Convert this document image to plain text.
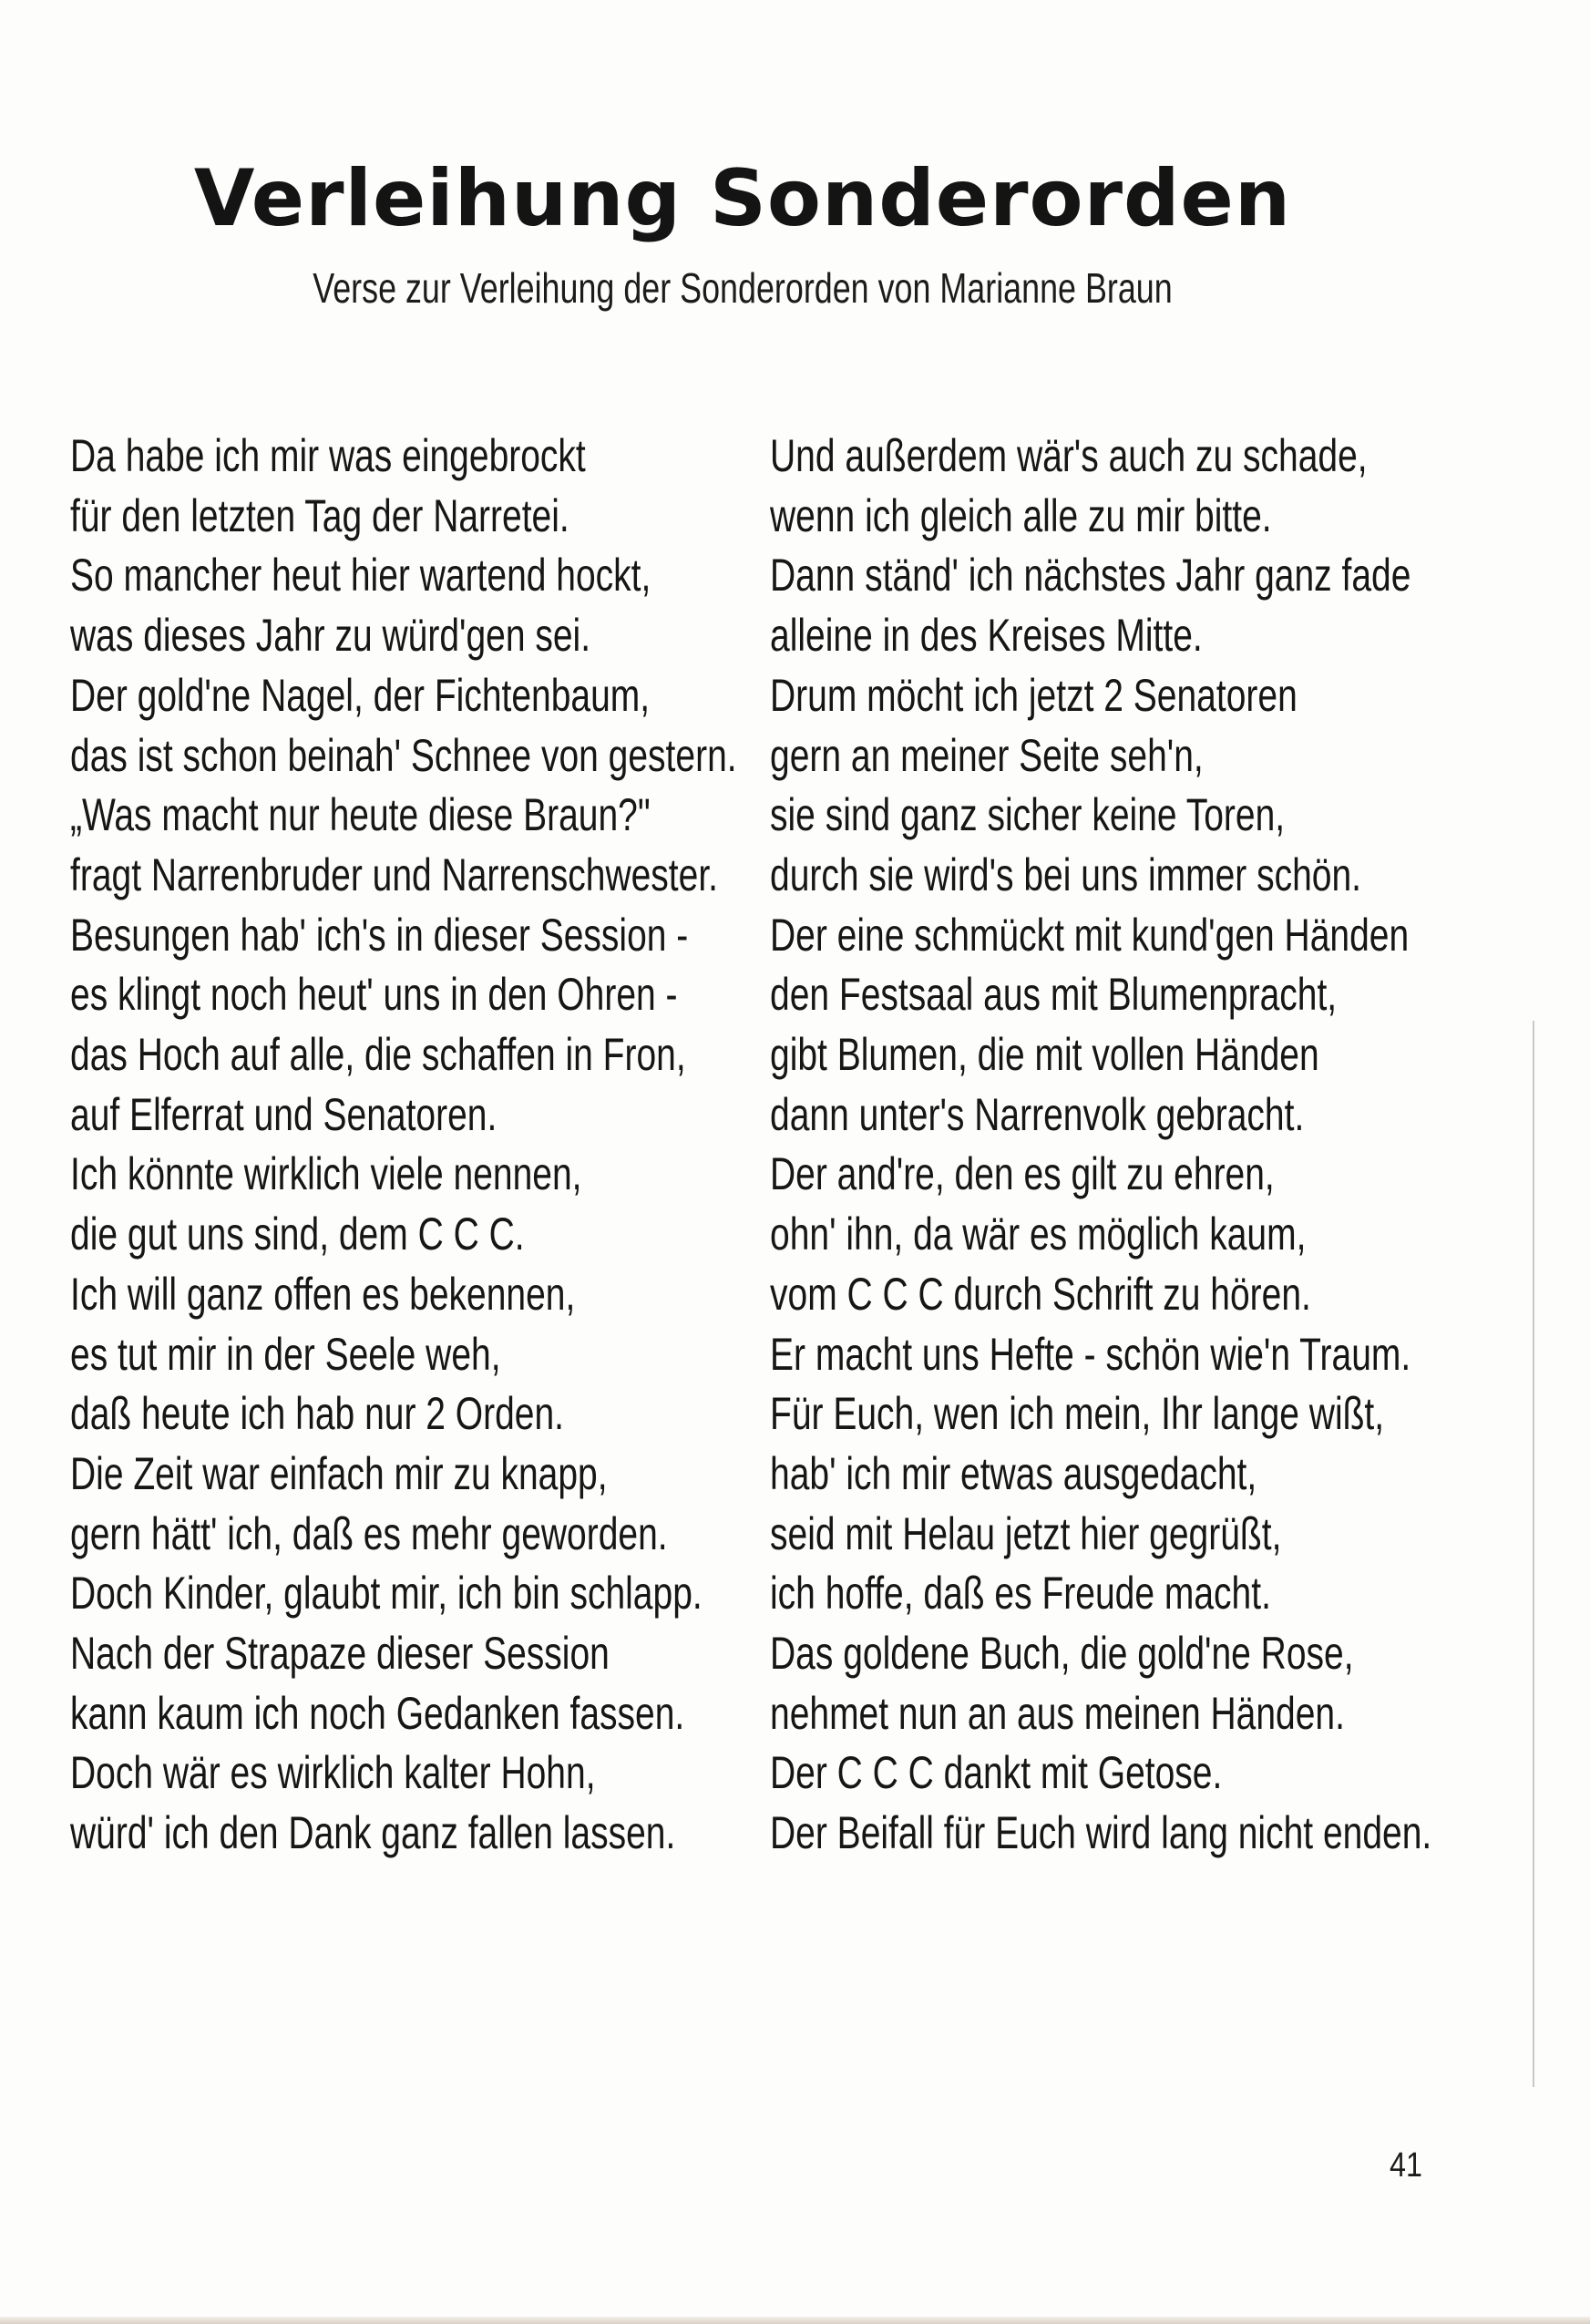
Verleihung Sonderorden

Verse zur Verleihung der Sonderorden von Marianne Braun

Da habe ich mir was eingebrockt
für den letzten Tag der Narretei.
So mancher heut hier wartend hockt,
was dieses Jahr zu würd'gen sei.
Der gold'ne Nagel, der Fichtenbaum,
das ist schon beinah' Schnee von gestern.
„Was macht nur heute diese Braun?"
fragt Narrenbruder und Narrenschwester.
Besungen hab' ich's in dieser Session -
es klingt noch heut' uns in den Ohren -
das Hoch auf alle, die schaffen in Fron,
auf Elferrat und Senatoren.
Ich könnte wirklich viele nennen,
die gut uns sind, dem C C C.
Ich will ganz offen es bekennen,
es tut mir in der Seele weh,
daß heute ich hab nur 2 Orden.
Die Zeit war einfach mir zu knapp,
gern hätt' ich, daß es mehr geworden.
Doch Kinder, glaubt mir, ich bin schlapp.
Nach der Strapaze dieser Session
kann kaum ich noch Gedanken fassen.
Doch wär es wirklich kalter Hohn,
würd' ich den Dank ganz fallen lassen.
Und außerdem wär's auch zu schade,
wenn ich gleich alle zu mir bitte.
Dann ständ' ich nächstes Jahr ganz fade
alleine in des Kreises Mitte.
Drum möcht ich jetzt 2 Senatoren
gern an meiner Seite seh'n,
sie sind ganz sicher keine Toren,
durch sie wird's bei uns immer schön.
Der eine schmückt mit kund'gen Händen
den Festsaal aus mit Blumenpracht,
gibt Blumen, die mit vollen Händen
dann unter's Narrenvolk gebracht.
Der and're, den es gilt zu ehren,
ohn' ihn, da wär es möglich kaum,
vom C C C durch Schrift zu hören.
Er macht uns Hefte - schön wie'n Traum.
Für Euch, wen ich mein, Ihr lange wißt,
hab' ich mir etwas ausgedacht,
seid mit Helau jetzt hier gegrüßt,
ich hoffe, daß es Freude macht.
Das goldene Buch, die gold'ne Rose,
nehmet nun an aus meinen Händen.
Der C C C dankt mit Getose.
Der Beifall für Euch wird lang nicht enden.
41
